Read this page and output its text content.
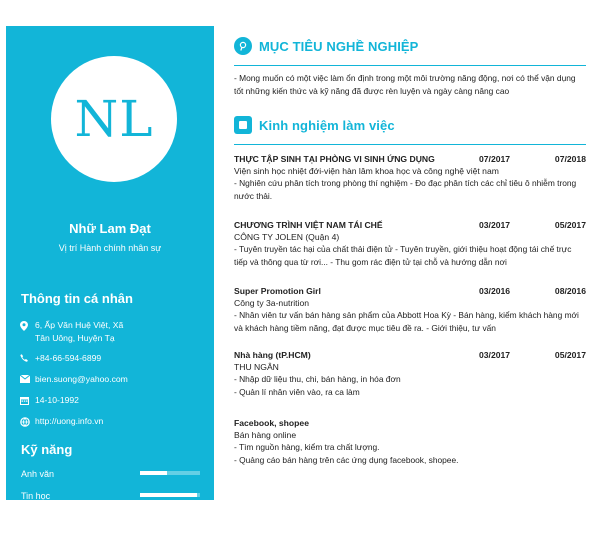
NL
Nhữ Lam Đạt
Vị trí Hành chính nhân sự
Thông tin cá nhân
6, Ấp Văn Huệ Việt, Xã
Tân Uông, Huyện Tạ
+84-66-594-6899
bien.suong@yahoo.com
14-10-1992
http://uong.info.vn
Kỹ năng
Anh văn
Tin học
Tai trường PHKUTN
MỤC TIÊU NGHỀ NGHIỆP
- Mong muốn có một việc làm ổn định trong một môi trường năng động, nơi có thể vận dụng tốt những kiến thức và kỹ năng đã được rèn luyện và ngày càng nâng cao
Kinh nghiệm làm việc
THỰC TẬP SINH TẠI PHÒNG VI SINH ỨNG DỤNG	07/2017	07/2018
Viện sinh học nhiệt đới-viện hàn lâm khoa học và công nghệ việt nam
- Nghiên cứu phân tích trong phòng thí nghiệm - Đo đạc phân tích các chỉ tiêu ô nhiễm trong nước thải.
CHƯƠNG TRÌNH VIỆT NAM TÁI CHẾ	03/2017	05/2017
CÔNG TY JOLEN (Quận 4)
- Tuyên truyền tác hại của chất thải điện tử - Tuyên truyền, giới thiệu hoạt động tái chế trực tiếp và thông qua từ rơi... - Thu gom rác điện tử tại chỗ và hướng dẫn nơi
Super Promotion Girl	03/2016	08/2016
Công ty 3a-nutrition
- Nhân viên tư vấn bán hàng sản phẩm của Abbott Hoa Kỳ - Bán hàng, kiểm khách hàng mới và khách hàng tiềm năng, đạt được mục tiêu đề ra. - Giới thiệu, tư vấn
Nhà hàng (tP.HCM)	03/2017	05/2017
THU NGÂN
- Nhập dữ liệu thu, chi, bán hàng, in hóa đơn
- Quản lí nhân viên vào, ra ca làm
Facebook, shopee
Bán hàng online
- Tìm nguồn hàng, kiểm tra chất lượng.
- Quảng cáo bán hàng trên các ứng dụng facebook, shopee.
